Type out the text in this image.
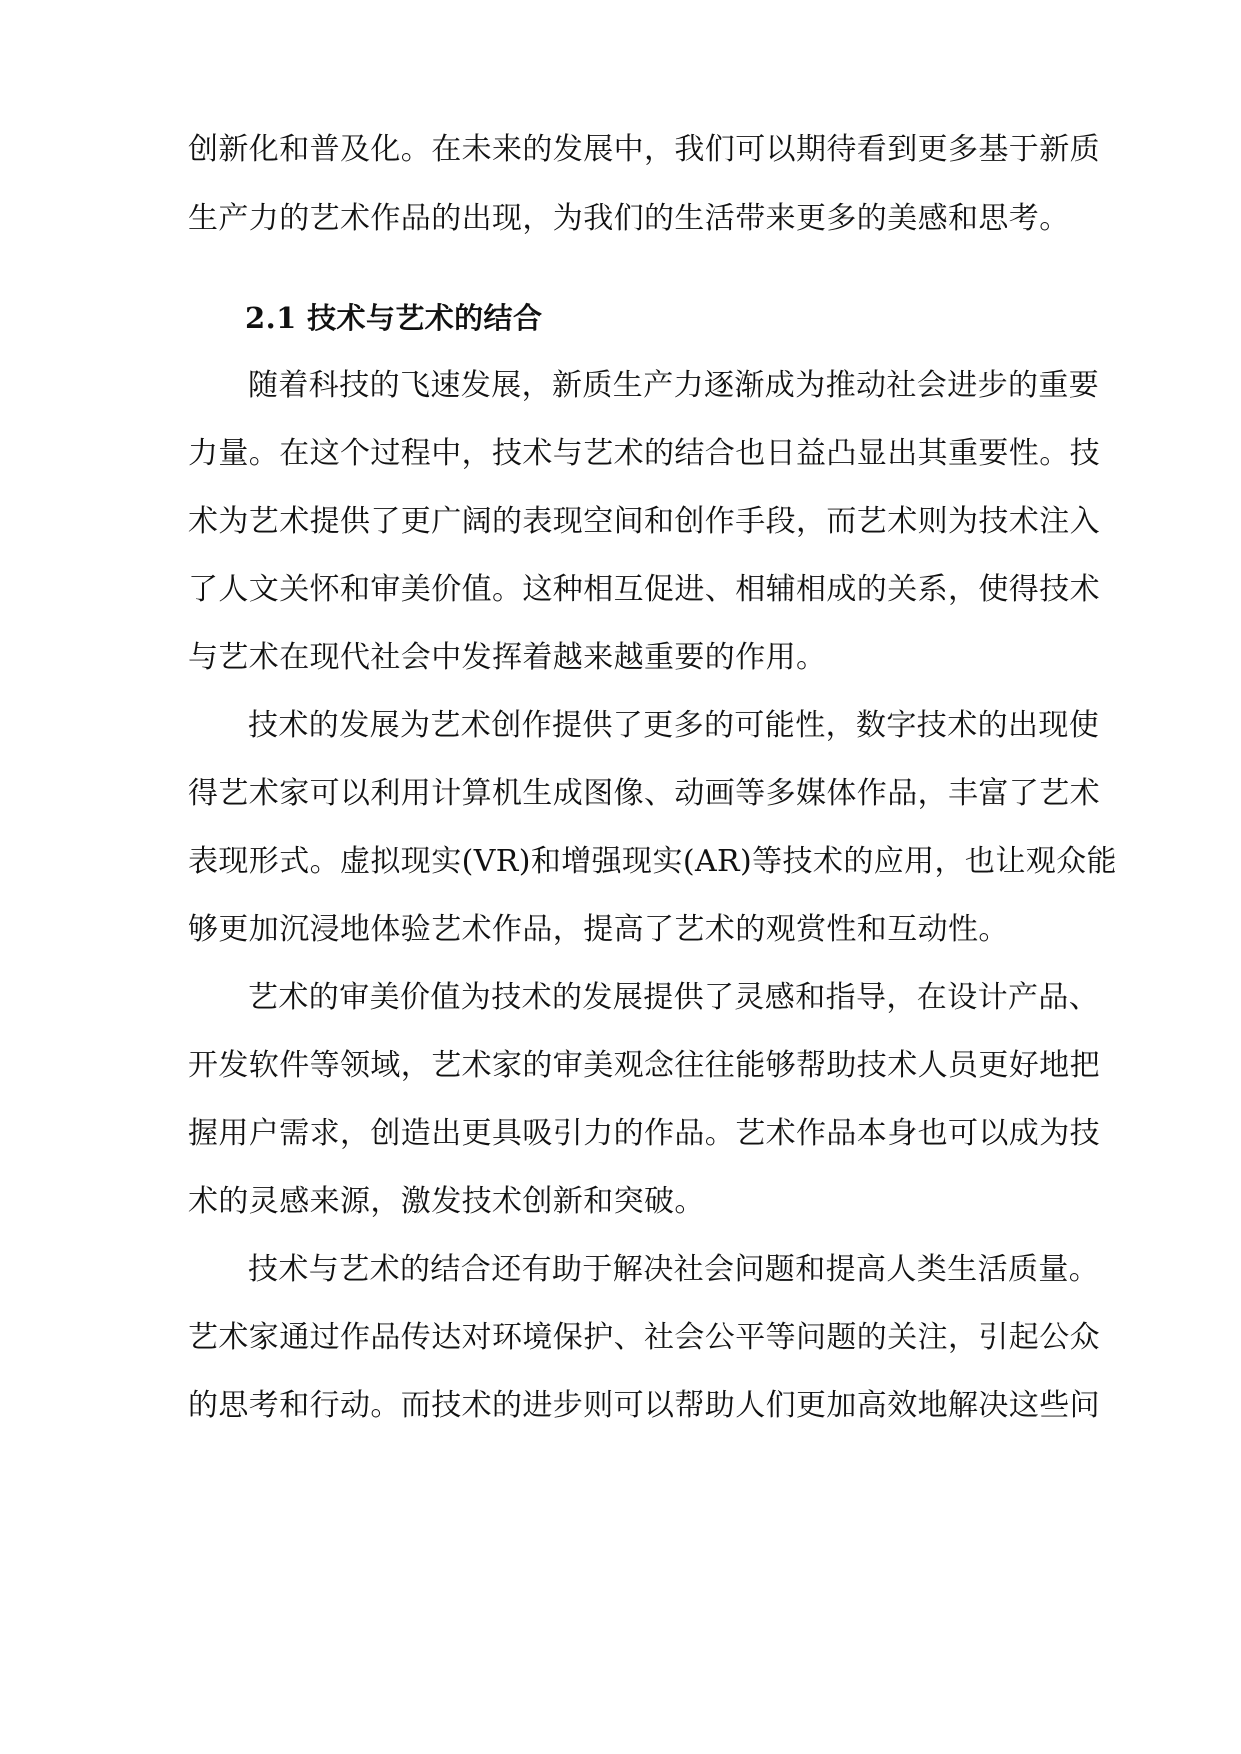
创新化和普及化。在未来的发展中，我们可以期待看到更多基于新质
生产力的艺术作品的出现，为我们的生活带来更多的美感和思考。
2.1 技术与艺术的结合
随着科技的飞速发展，新质生产力逐渐成为推动社会进步的重要
力量。在这个过程中，技术与艺术的结合也日益凸显出其重要性。技
术为艺术提供了更广阔的表现空间和创作手段，而艺术则为技术注入
了人文关怀和审美价值。这种相互促进、相辅相成的关系，使得技术
与艺术在现代社会中发挥着越来越重要的作用。
技术的发展为艺术创作提供了更多的可能性，数字技术的出现使
得艺术家可以利用计算机生成图像、动画等多媒体作品，丰富了艺术
表现形式。虚拟现实(VR)和增强现实(AR)等技术的应用，也让观众能
够更加沉浸地体验艺术作品，提高了艺术的观赏性和互动性。
艺术的审美价值为技术的发展提供了灵感和指导，在设计产品、
开发软件等领域，艺术家的审美观念往往能够帮助技术人员更好地把
握用户需求，创造出更具吸引力的作品。艺术作品本身也可以成为技
术的灵感来源，激发技术创新和突破。
技术与艺术的结合还有助于解决社会问题和提高人类生活质量。
艺术家通过作品传达对环境保护、社会公平等问题的关注，引起公众
的思考和行动。而技术的进步则可以帮助人们更加高效地解决这些问
